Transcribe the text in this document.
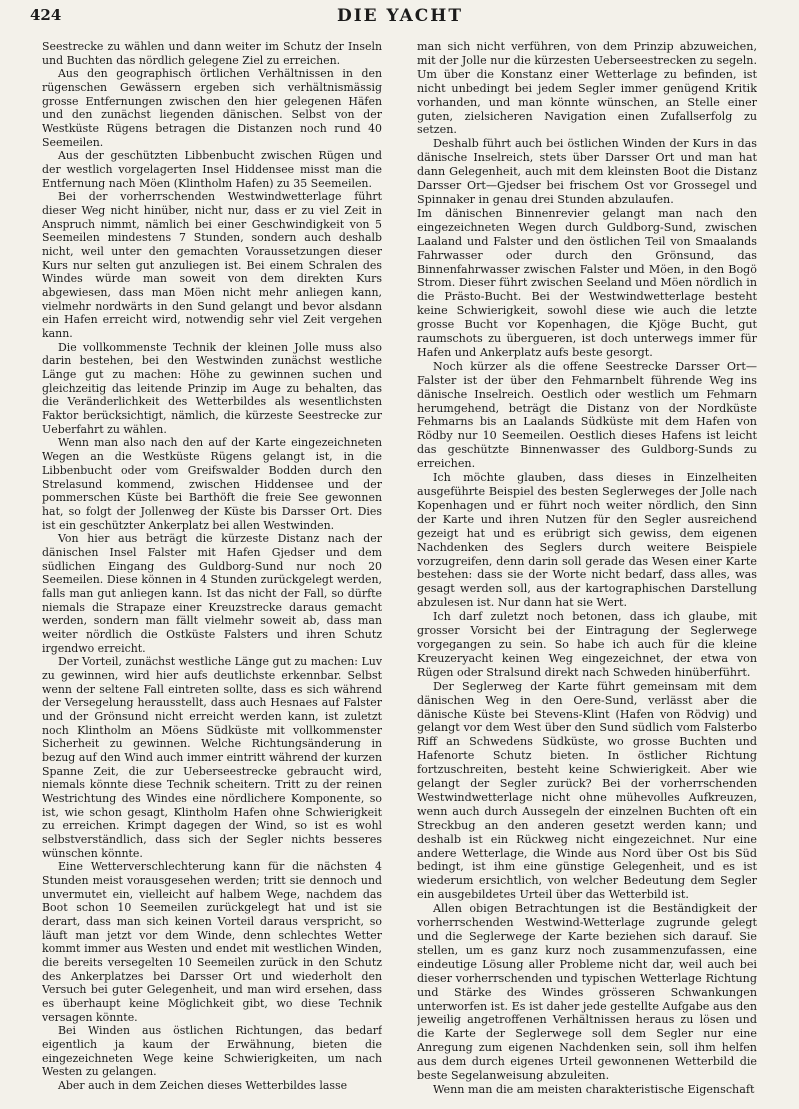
424	DIE YACHT

Seestrecke zu wählen und dann weiter im Schutz der Inseln und Buchten das nördlich gelegene Ziel zu erreichen.

Aus den geographisch örtlichen Verhältnissen in den rügenschen Gewässern ergeben sich verhältnismässig grosse Entfernungen zwischen den hier gelegenen Häfen und den zunächst liegenden dänischen. Selbst von der Westküste Rügens betragen die Distanzen noch rund 40 Seemeilen.

Aus der geschützten Libbenbucht zwischen Rügen und der westlich vorgelagerten Insel Hiddensee misst man die Entfernung nach Möen (Klintholm Hafen) zu 35 Seemeilen.

Bei der vorherrschenden Westwindwetterlage führt dieser Weg nicht hinüber, nicht nur, dass er zu viel Zeit in Anspruch nimmt, nämlich bei einer Geschwindigkeit von 5 Seemeilen mindestens 7 Stunden, sondern auch deshalb nicht, weil unter den gemachten Voraussetzungen dieser Kurs nur selten gut anzuliegen ist. Bei einem Schralen des Windes würde man soweit von dem direkten Kurs abgewiesen, dass man Möen nicht mehr anliegen kann, vielmehr nordwärts in den Sund gelangt und bevor alsdann ein Hafen erreicht wird, notwendig sehr viel Zeit vergehen kann.

Die vollkommenste Technik der kleinen Jolle muss also darin bestehen, bei den Westwinden zunächst westliche Länge gut zu machen: Höhe zu gewinnen suchen und gleichzeitig das leitende Prinzip im Auge zu behalten, das die Veränderlichkeit des Wetterbildes als wesentlichsten Faktor berücksichtigt, nämlich, die kürzeste Seestrecke zur Ueberfahrt zu wählen.

Wenn man also nach den auf der Karte eingezeichneten Wegen an die Westküste Rügens gelangt ist, in die Libbenbucht oder vom Greifswalder Bodden durch den Strelasund kommend, zwischen Hiddensee und der pommerschen Küste bei Barthöft die freie See gewonnen hat, so folgt der Jollenweg der Küste bis Darsser Ort. Dies ist ein geschützter Ankerplatz bei allen Westwinden.

Von hier aus beträgt die kürzeste Distanz nach der dänischen Insel Falster mit Hafen Gjedser und dem südlichen Eingang des Guldborg-Sund nur noch 20 Seemeilen. Diese können in 4 Stunden zurückgelegt werden, falls man gut anliegen kann. Ist das nicht der Fall, so dürfte niemals die Strapaze einer Kreuzstrecke daraus gemacht werden, sondern man fällt vielmehr soweit ab, dass man weiter nördlich die Ostküste Falsters und ihren Schutz irgendwo erreicht.

Der Vorteil, zunächst westliche Länge gut zu machen: Luv zu gewinnen, wird hier aufs deutlichste erkennbar. Selbst wenn der seltene Fall eintreten sollte, dass es sich während der Versegelung herausstellt, dass auch Hesnaes auf Falster und der Grönsund nicht erreicht werden kann, ist zuletzt noch Klintholm an Möens Südküste mit vollkommenster Sicherheit zu gewinnen. Welche Richtungsänderung in bezug auf den Wind auch immer eintritt während der kurzen Spanne Zeit, die zur Ueberseestrecke gebraucht wird, niemals könnte diese Technik scheitern. Tritt zu der reinen Westrichtung des Windes eine nördlichere Komponente, so ist, wie schon gesagt, Klintholm Hafen ohne Schwierigkeit zu erreichen. Krimpt dagegen der Wind, so ist es wohl selbstverständlich, dass sich der Segler nichts besseres wünschen könnte.

Eine Wetterverschlechterung kann für die nächsten 4 Stunden meist vorausgesehen werden; tritt sie dennoch und unvermutet ein, vielleicht auf halbem Wege, nachdem das Boot schon 10 Seemeilen zurückgelegt hat und ist sie derart, dass man sich keinen Vorteil daraus verspricht, so läuft man jetzt vor dem Winde, denn schlechtes Wetter kommt immer aus Westen und endet mit westlichen Winden, die bereits versegelten 10 Seemeilen zurück in den Schutz des Ankerplatzes bei Darsser Ort und wiederholt den Versuch bei guter Gelegenheit, und man wird ersehen, dass es überhaupt keine Möglichkeit gibt, wo diese Technik versagen könnte.

Bei Winden aus östlichen Richtungen, das bedarf eigentlich ja kaum der Erwähnung, bieten die eingezeichneten Wege keine Schwierigkeiten, um nach Westen zu gelangen.

Aber auch in dem Zeichen dieses Wetterbildes lasse

man sich nicht verführen, von dem Prinzip abzuweichen, mit der Jolle nur die kürzesten Ueberseestrecken zu segeln. Um über die Konstanz einer Wetterlage zu befinden, ist nicht unbedingt bei jedem Segler immer genügend Kritik vorhanden, und man könnte wünschen, an Stelle einer guten, zielsicheren Navigation einen Zufallserfolg zu setzen.

Deshalb führt auch bei östlichen Winden der Kurs in das dänische Inselreich, stets über Darsser Ort und man hat dann Gelegenheit, auch mit dem kleinsten Boot die Distanz Darsser Ort—Gjedser bei frischem Ost vor Grossegel und Spinnaker in genau drei Stunden abzulaufen.

Im dänischen Binnenrevier gelangt man nach den eingezeichneten Wegen durch Guldborg-Sund, zwischen Laaland und Falster und den östlichen Teil von Smaalands Fahrwasser oder durch den Grönsund, das Binnenfahrwasser zwischen Falster und Möen, in den Bogö Strom. Dieser führt zwischen Seeland und Möen nördlich in die Prästo-Bucht. Bei der Westwindwetterlage besteht keine Schwierigkeit, sowohl diese wie auch die letzte grosse Bucht vor Kopenhagen, die Kjöge Bucht, gut raumschots zu übergueren, ist doch unterwegs immer für Hafen und Ankerplatz aufs beste gesorgt.

Noch kürzer als die offene Seestrecke Darsser Ort—Falster ist der über den Fehmarnbelt führende Weg ins dänische Inselreich. Oestlich oder westlich um Fehmarn herumgehend, beträgt die Distanz von der Nordküste Fehmarns bis an Laalands Südküste mit dem Hafen von Rödby nur 10 Seemeilen. Oestlich dieses Hafens ist leicht das geschützte Binnenwasser des Guldborg-Sunds zu erreichen.

Ich möchte glauben, dass dieses in Einzelheiten ausgeführte Beispiel des besten Seglerweges der Jolle nach Kopenhagen und er führt noch weiter nördlich, den Sinn der Karte und ihren Nutzen für den Segler ausreichend gezeigt hat und es erübrigt sich gewiss, dem eigenen Nachdenken des Seglers durch weitere Beispiele vorzugreifen, denn darin soll gerade das Wesen einer Karte bestehen: dass sie der Worte nicht bedarf, dass alles, was gesagt werden soll, aus der kartographischen Darstellung abzulesen ist. Nur dann hat sie Wert.

Ich darf zuletzt noch betonen, dass ich glaube, mit grosser Vorsicht bei der Eintragung der Seglerwege vorgegangen zu sein. So habe ich auch für die kleine Kreuzeryacht keinen Weg eingezeichnet, der etwa von Rügen oder Stralsund direkt nach Schweden hinüberführt.

Der Seglerweg der Karte führt gemeinsam mit dem dänischen Weg in den Oere-Sund, verlässt aber die dänische Küste bei Stevens-Klint (Hafen von Rödvig) und gelangt vor dem West über den Sund südlich vom Falsterbo Riff an Schwedens Südküste, wo grosse Buchten und Hafenorte Schutz bieten. In östlicher Richtung fortzuschreiten, besteht keine Schwierigkeit. Aber wie gelangt der Segler zurück? Bei der vorherrschenden Westwindwetterlage nicht ohne mühevolles Aufkreuzen, wenn auch durch Aussegeln der einzelnen Buchten oft ein Streckbug an den anderen gesetzt werden kann; und deshalb ist ein Rückweg nicht eingezeichnet. Nur eine andere Wetterlage, die Winde aus Nord über Ost bis Süd bedingt, ist ihm eine günstige Gelegenheit, und es ist wiederum ersichtlich, von welcher Bedeutung dem Segler ein ausgebildetes Urteil über das Wetterbild ist.

Allen obigen Betrachtungen ist die Beständigkeit der vorherrschenden Westwind-Wetterlage zugrunde gelegt und die Seglerwege der Karte beziehen sich darauf. Sie stellen, um es ganz kurz noch zusammenzufassen, eine eindeutige Lösung aller Probleme nicht dar, weil auch bei dieser vorherrschenden und typischen Wetterlage Richtung und Stärke des Windes grösseren Schwankungen unterworfen ist. Es ist daher jede gestellte Aufgabe aus den jeweilig angetroffenen Verhältnissen heraus zu lösen und die Karte der Seglerwege soll dem Segler nur eine Anregung zum eigenen Nachdenken sein, soll ihm helfen aus dem durch eigenes Urteil gewonnenen Wetterbild die beste Segelanweisung abzuleiten.

Wenn man die am meisten charakteristische Eigenschaft
